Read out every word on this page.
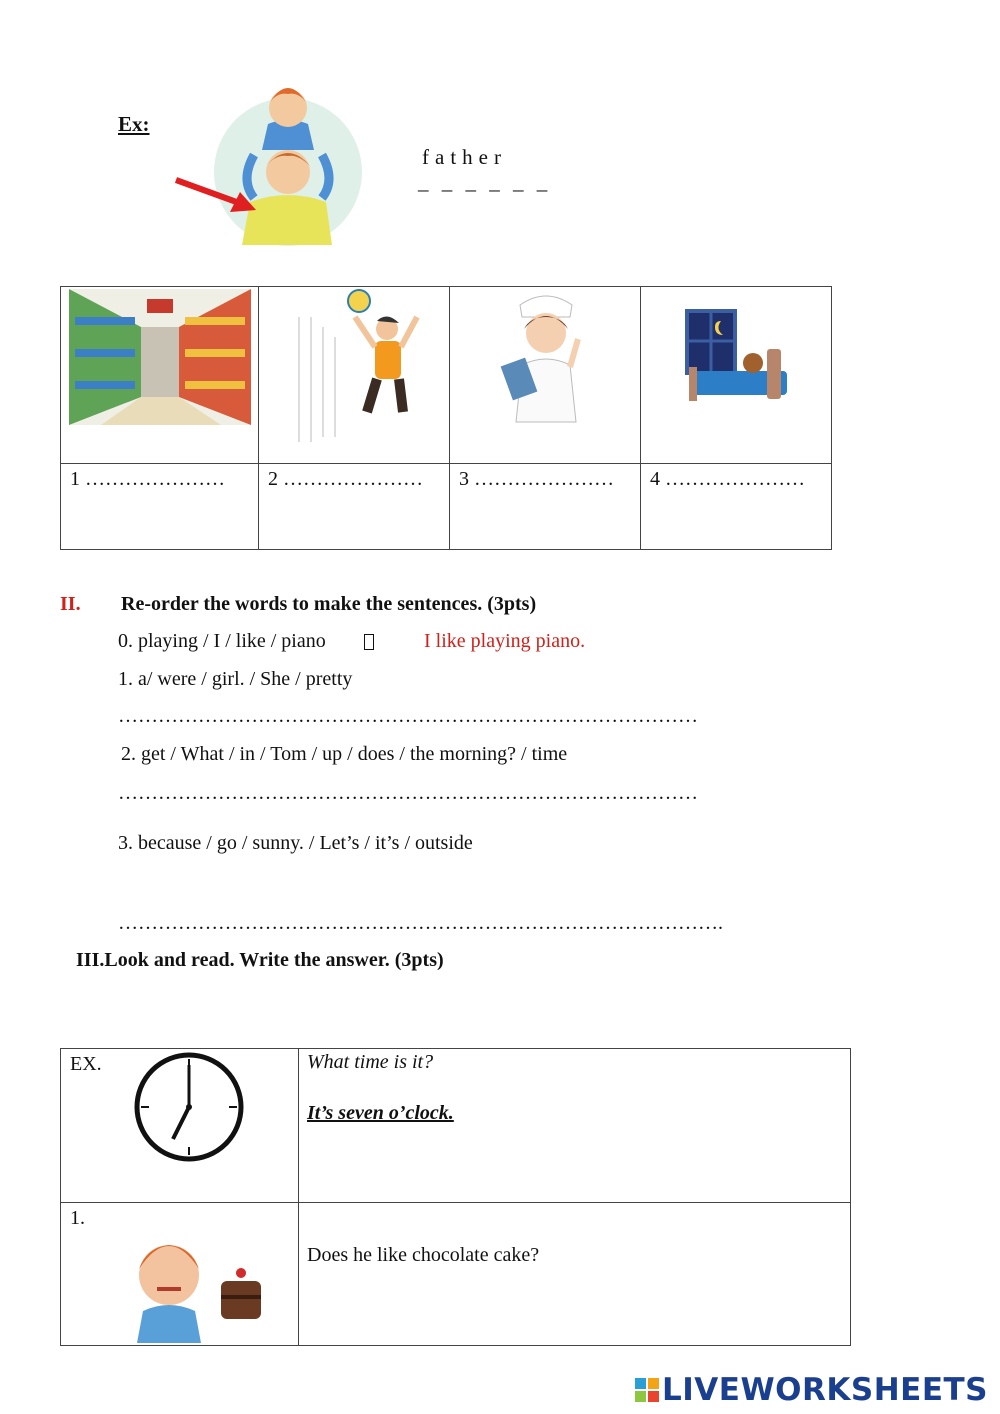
Ex:
father
_ _ _ _ _ _

1 …………………	2 …………………	3 …………………	4 …………………
II. Re-order the words to make the sentences. (3pts)
0. playing / I / like / piano	I like playing piano.
1. a/ were / girl. / She / pretty
……………………………………………………………………………
2. get / What / in / Tom / up / does / the morning? / time
……………………………………………………………………………
3. because / go / sunny. / Let’s / it’s / outside
……………………………………………………………………………….
III.Look and read. Write the answer. (3pts)
EX.	What time is it?
It’s seven o’clock.

1.	Does he like chocolate cake?
LIVEWORKSHEETS
